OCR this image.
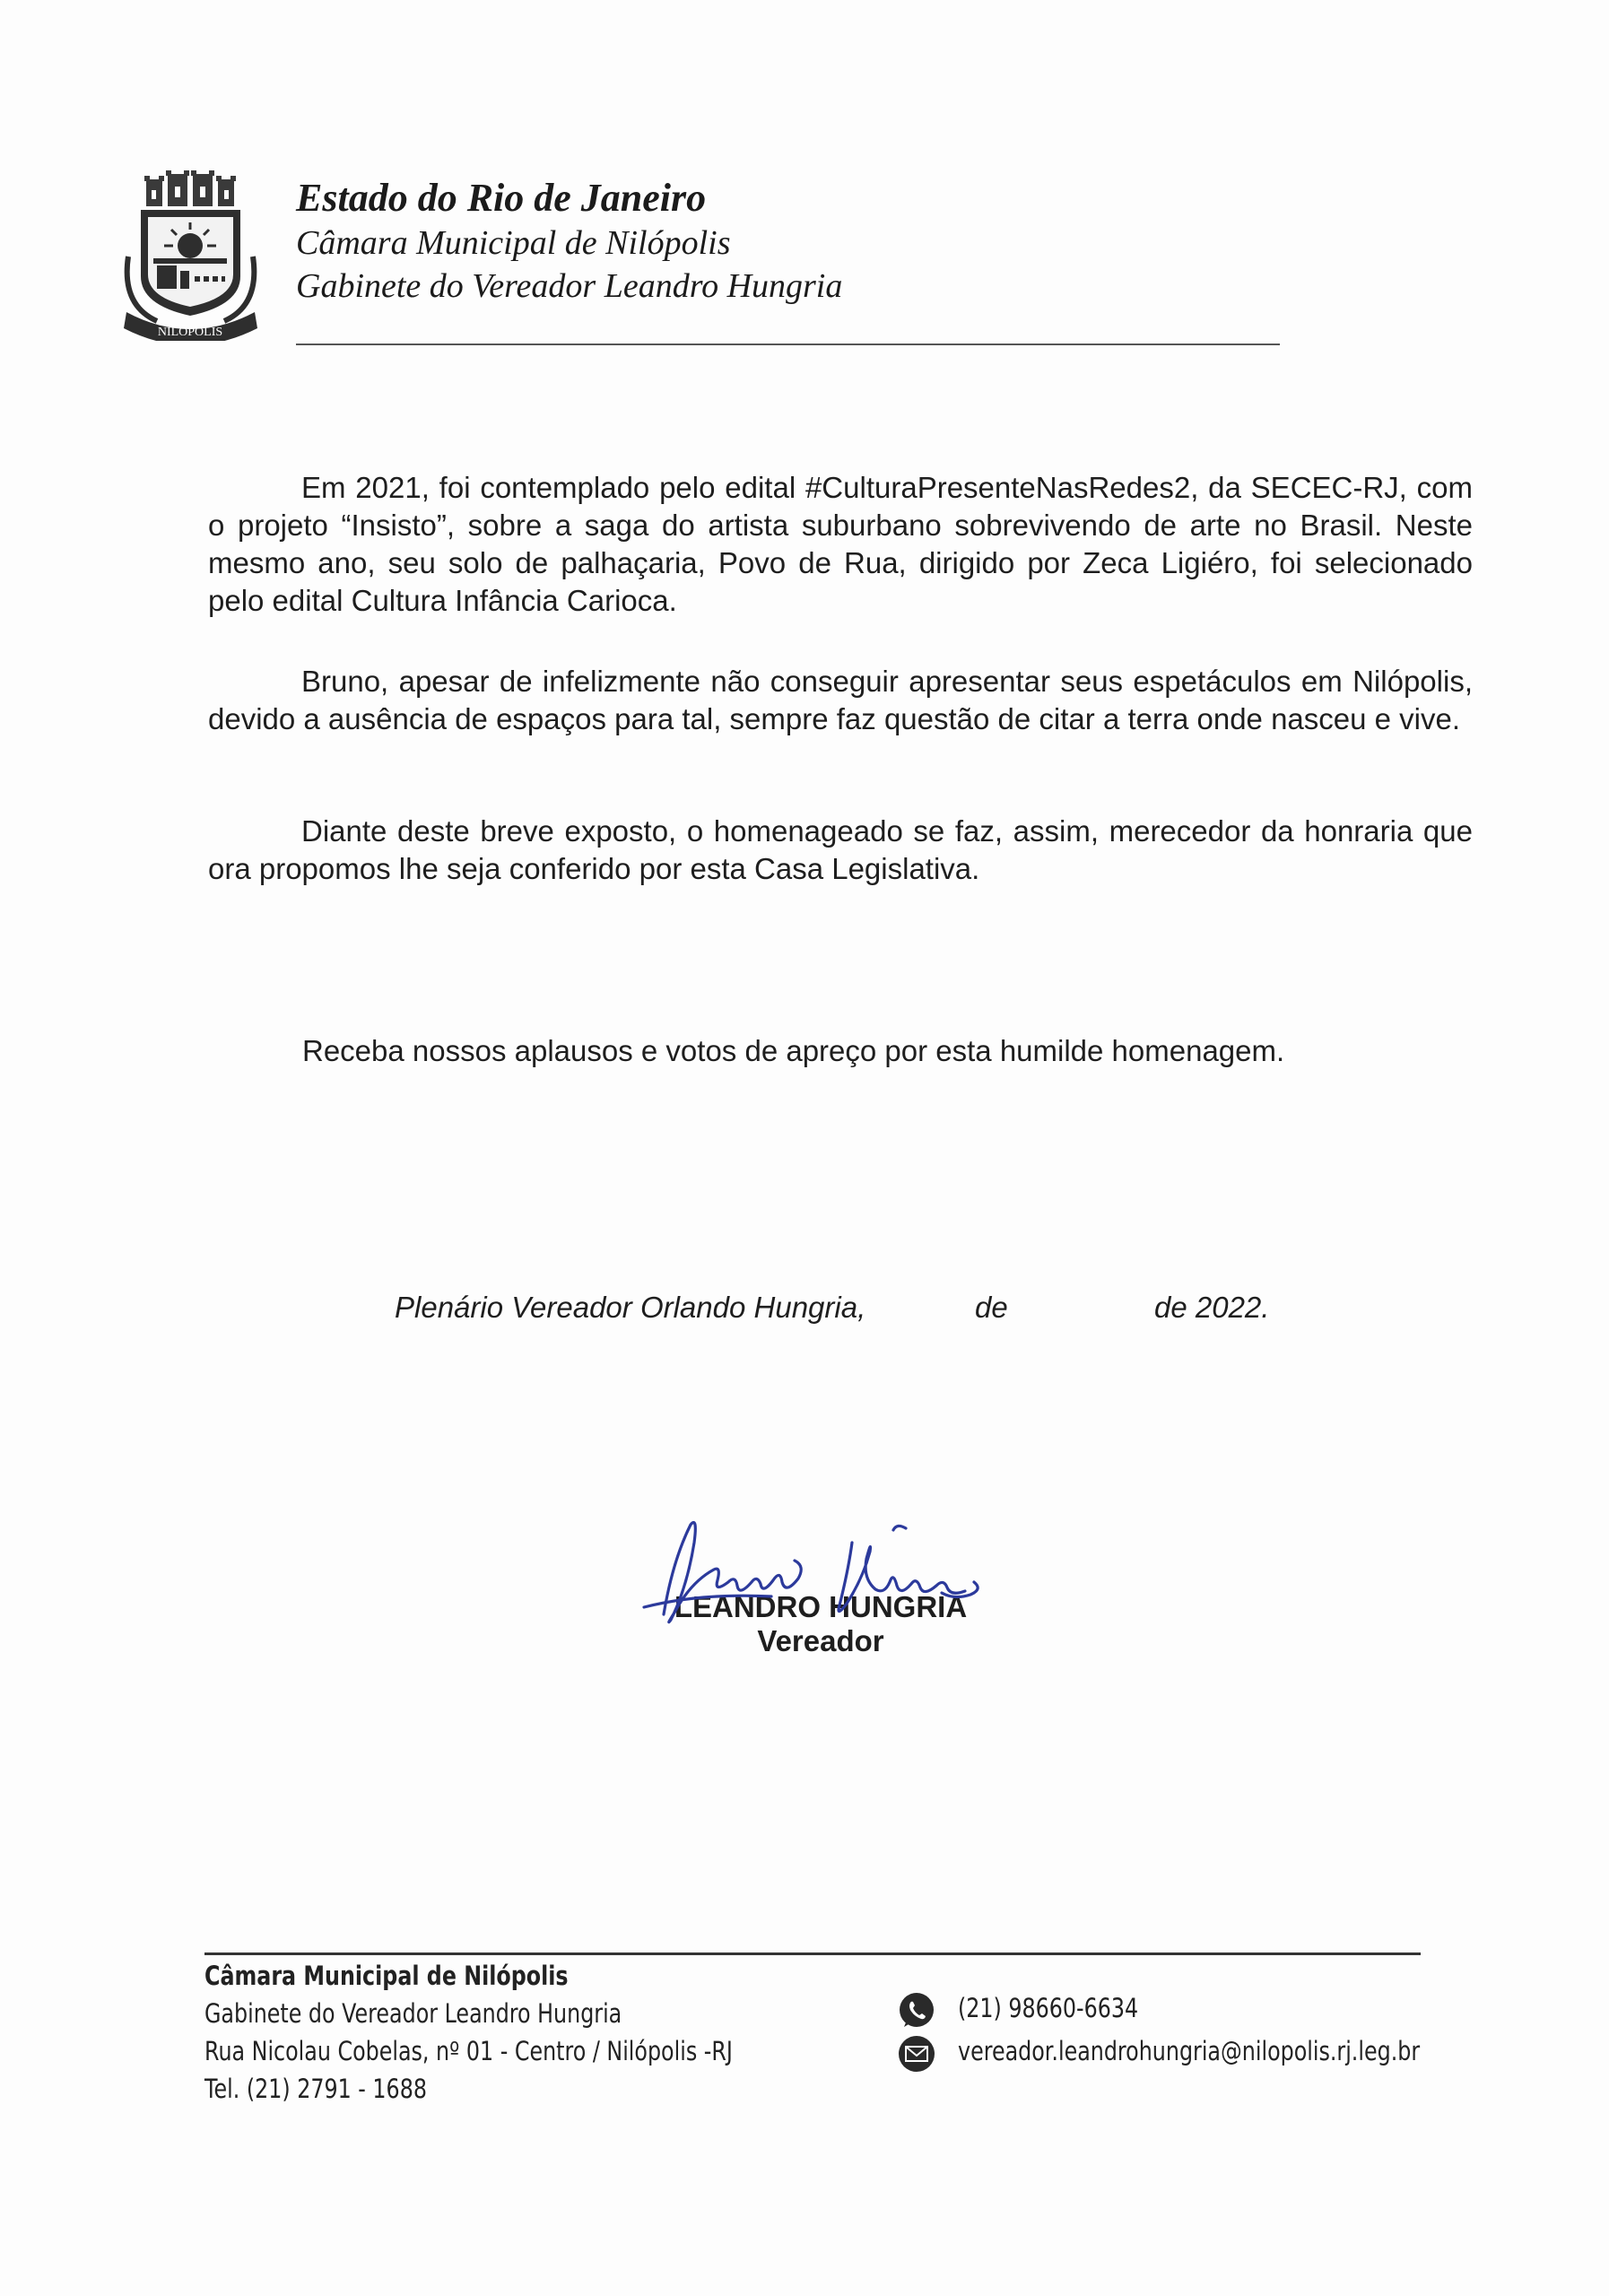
NILÓPOLIS
Estado do Rio de Janeiro
Câmara Municipal de Nilópolis
Gabinete do Vereador Leandro Hungria
Em 2021, foi contemplado pelo edital #CulturaPresenteNasRedes2, da SECEC-RJ, com o projeto “Insisto”, sobre a saga do artista suburbano sobrevivendo de arte no Brasil. Neste mesmo ano, seu solo de palhaçaria, Povo de Rua, dirigido por Zeca Ligiéro, foi selecionado pelo edital Cultura Infância Carioca.
Bruno, apesar de infelizmente não conseguir apresentar seus espetáculos em Nilópolis, devido a ausência de espaços para tal, sempre faz questão de citar a terra onde nasceu e vive.
Diante deste breve exposto, o homenageado se faz, assim, merecedor da honraria que ora propomos lhe seja conferido por esta Casa Legislativa.
Receba nossos aplausos e votos de apreço por esta humilde homenagem.
Plenário Vereador Orlando Hungria,	de	de 2022.
LEANDRO HUNGRIA
Vereador
Câmara Municipal de Nilópolis
Gabinete do Vereador Leandro Hungria
Rua Nicolau Cobelas, nº 01 - Centro / Nilópolis -RJ
Tel. (21) 2791 - 1688
(21) 98660-6634
vereador.leandrohungria@nilopolis.rj.leg.br
